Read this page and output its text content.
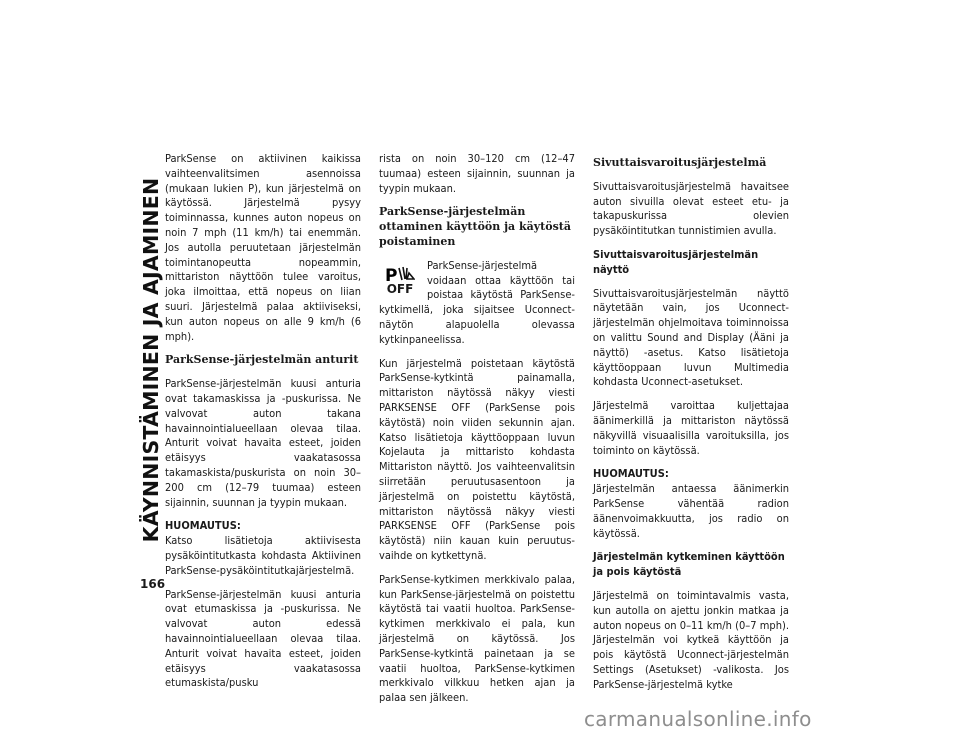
KÄYNNISTÄMINEN JA AJAMINEN
166

ParkSense on aktiivinen kaikissa vaihteenvalitsimen asennoissa (mukaan lukien P), kun järjestelmä on käytössä. Järjestelmä pysyy toiminnassa, kunnes auton nopeus on noin 7 mph (11 km/h) tai enemmän. Jos autolla peruutetaan järjestelmän toimintanopeutta nopeammin, mittariston näyttöön tulee varoitus, joka ilmoittaa, että nopeus on liian suuri. Järjestelmä palaa aktiiviseksi, kun auton nopeus on alle 9 km/h (6 mph).

ParkSense-järjestelmän anturit

ParkSense-järjestelmän kuusi anturia ovat takamaskissa ja -puskurissa. Ne valvovat auton takana havainnointialueellaan olevaa tilaa. Anturit voivat havaita esteet, joiden etäisyys vaakatasossa takamaskista/puskurista on noin 30–200 cm (12–79 tuumaa) esteen sijainnin, suunnan ja tyypin mukaan.

HUOMAUTUS:
Katso lisätietoja aktiivisesta pysäköintitutkasta kohdasta Aktiivinen ParkSense-pysäköintitutkajärjestelmä.

ParkSense-järjestelmän kuusi anturia ovat etumaskissa ja -puskurissa. Ne valvovat auton edessä havainnointialueellaan olevaa tilaa. Anturit voivat havaita esteet, joiden etäisyys vaakatasossa etumaskista/pusku

rista on noin 30–120 cm (12–47 tuumaa) esteen sijainnin, suunnan ja tyypin mukaan.

ParkSense-järjestelmän ottaminen käyttöön ja käytöstä poistaminen
P
OFF

ParkSense-järjestelmä voidaan ottaa käyttöön tai poistaa käytöstä ParkSense-kytkimellä, joka sijaitsee Uconnect-näytön alapuolella olevassa kytkinpaneelissa.

Kun järjestelmä poistetaan käytöstä ParkSense-kytkintä painamalla, mittariston näytössä näkyy viesti PARKSENSE OFF (ParkSense pois käytöstä) noin viiden sekunnin ajan. Katso lisätietoja käyttöoppaan luvun Kojelauta ja mittaristo kohdasta Mittariston näyttö. Jos vaihteenvalitsin siirretään peruutusasentoon ja järjestelmä on poistettu käytöstä, mittariston näytössä näkyy viesti PARKSENSE OFF (ParkSense pois käytöstä) niin kauan kuin peruutusvaihde on kytkettynä.

ParkSense-kytkimen merkkivalo palaa, kun ParkSense-järjestelmä on poistettu käytöstä tai vaatii huoltoa. ParkSense-kytkimen merkkivalo ei pala, kun järjestelmä on käytössä. Jos ParkSense-kytkintä painetaan ja se vaatii huoltoa, ParkSense-kytkimen merkkivalo vilkkuu hetken ajan ja palaa sen jälkeen.

Sivuttaisvaroitusjärjestelmä

Sivuttaisvaroitusjärjestelmä havaitsee auton sivuilla olevat esteet etu- ja takapuskurissa olevien pysäköintitutkan tunnistimien avulla.

Sivuttaisvaroitusjärjestelmän näyttö

Sivuttaisvaroitusjärjestelmän näyttö näytetään vain, jos Uconnect-järjestelmän ohjelmoitava toiminnoissa on valittu Sound and Display (Ääni ja näyttö) -asetus. Katso lisätietoja käyttöoppaan luvun Multimedia kohdasta Uconnect-asetukset.

Järjestelmä varoittaa kuljettajaa äänimerkillä ja mittariston näytössä näkyvillä visuaalisilla varoituksilla, jos toiminto on käytössä.

HUOMAUTUS:
Järjestelmän antaessa äänimerkin ParkSense vähentää radion äänenvoimakkuutta, jos radio on käytössä.
Järjestelmän kytkeminen käyttöön ja pois käytöstä

Järjestelmä on toimintavalmis vasta, kun autolla on ajettu jonkin matkaa ja auton nopeus on 0–11 km/h (0–7 mph). Järjestelmän voi kytkeä käyttöön ja pois käytöstä Uconnect-järjestelmän Settings (Asetukset) -valikosta. Jos ParkSense-järjestelmä kytke

carmanualsonline.info
